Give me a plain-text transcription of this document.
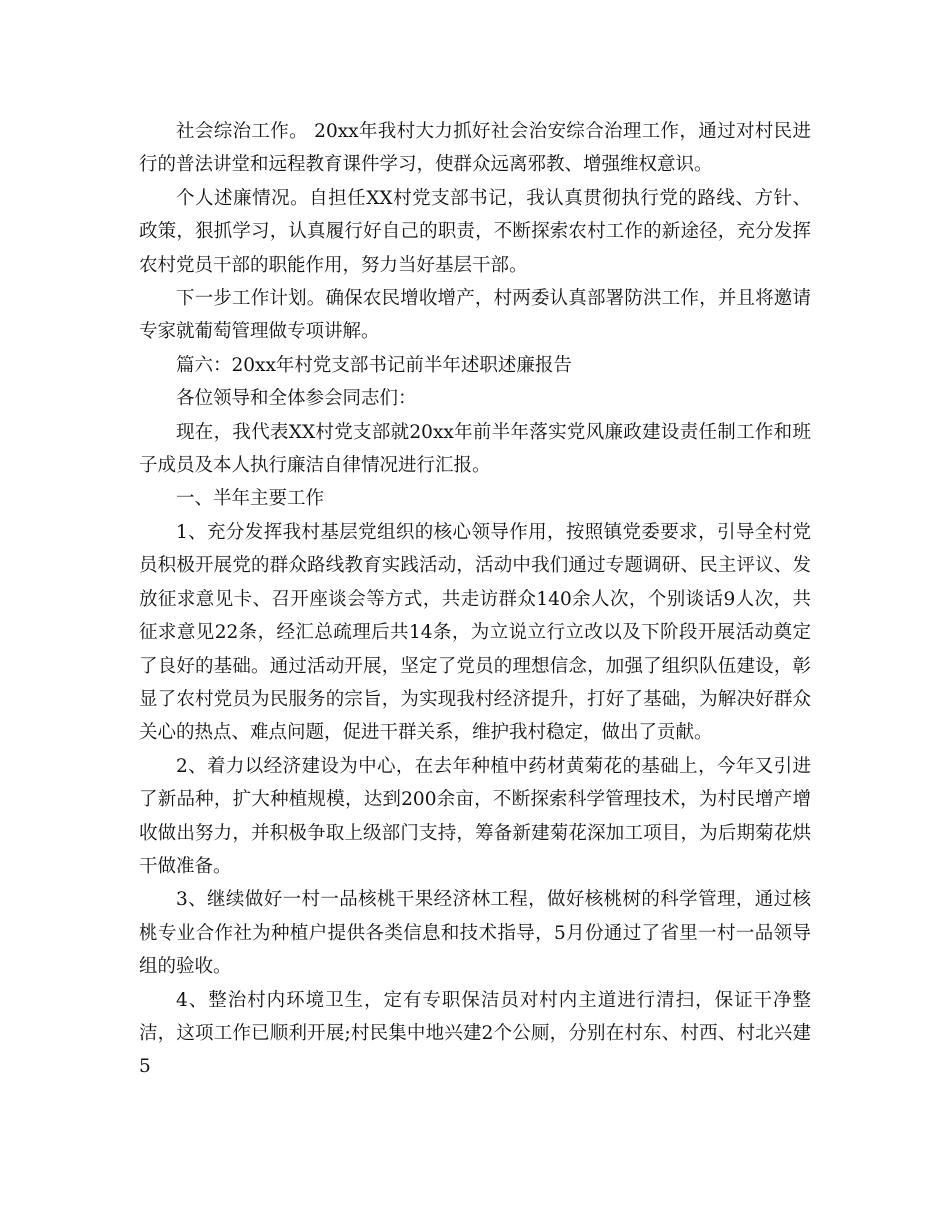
社会综治工作。 20xx年我村大力抓好社会治安综合治理工作，通过对村民进行的普法讲堂和远程教育课件学习，使群众远离邪教、增强维权意识。

个人述廉情况。自担任XX村党支部书记，我认真贯彻执行党的路线、方针、政策，狠抓学习，认真履行好自己的职责，不断探索农村工作的新途径，充分发挥农村党员干部的职能作用，努力当好基层干部。

下一步工作计划。确保农民增收增产，村两委认真部署防洪工作，并且将邀请专家就葡萄管理做专项讲解。

篇六：20xx年村党支部书记前半年述职述廉报告

各位领导和全体参会同志们：

现在，我代表XX村党支部就20xx年前半年落实党风廉政建设责任制工作和班子成员及本人执行廉洁自律情况进行汇报。

一、半年主要工作

1、充分发挥我村基层党组织的核心领导作用，按照镇党委要求，引导全村党员积极开展党的群众路线教育实践活动，活动中我们通过专题调研、民主评议、发放征求意见卡、召开座谈会等方式，共走访群众140余人次，个别谈话9人次，共征求意见22条，经汇总疏理后共14条，为立说立行立改以及下阶段开展活动奠定了良好的基础。通过活动开展，坚定了党员的理想信念，加强了组织队伍建设，彰显了农村党员为民服务的宗旨，为实现我村经济提升，打好了基础，为解决好群众关心的热点、难点问题，促进干群关系，维护我村稳定，做出了贡献。

2、着力以经济建设为中心，在去年种植中药材黄菊花的基础上，今年又引进了新品种，扩大种植规模，达到200余亩，不断探索科学管理技术，为村民增产增收做出努力，并积极争取上级部门支持，筹备新建菊花深加工项目，为后期菊花烘干做准备。

3、继续做好一村一品核桃干果经济林工程，做好核桃树的科学管理，通过核桃专业合作社为种植户提供各类信息和技术指导，5月份通过了省里一村一品领导组的验收。

4、整治村内环境卫生，定有专职保洁员对村内主道进行清扫，保证干净整洁，这项工作已顺利开展;村民集中地兴建2个公厕，分别在村东、村西、村北兴建5
